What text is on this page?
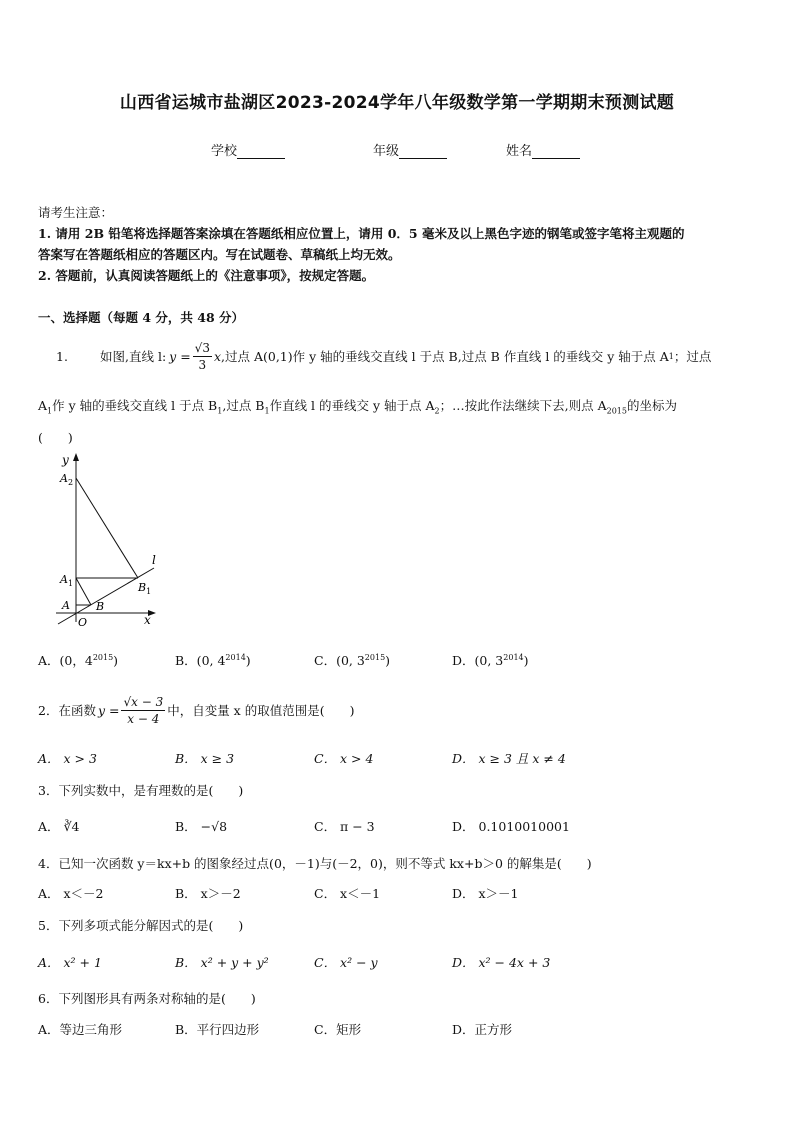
山西省运城市盐湖区2023-2024学年八年级数学第一学期期末预测试题
学校	年级	姓名
请考生注意：
1. 请用 2B 铅笔将选择题答案涂填在答题纸相应位置上，请用 0．5 毫米及以上黑色字迹的钢笔或签字笔将主观题的
答案写在答题纸相应的答题区内。写在试题卷、草稿纸上均无效。
2. 答题前，认真阅读答题纸上的《注意事项》，按规定答题。
一、选择题（每题 4 分，共 48 分）
1.	如图,直线 l: $y = \frac{√3}{3}$ x ,过点 A(0,1)作 y 轴的垂线交直线 l 于点 B,过点 B 作直线 l 的垂线交 y 轴于点 A 1 ；过点
$A_1$作 y 轴的垂线交直线 l 于点 $B_1$,过点 $B_1$作直线 l 的垂线交 y 轴于点 $A_2$；…按此作法继续下去,则点 $A_{2015}$的坐标为
(　　)
y
x
O
A B
$A_1$	$B_1$
$A_2$
l
A．(0，$4^{2015}$)	B．(0, $4^{2014}$)	C．(0, $3^{2015}$)	D．(0, $3^{2014}$)
2．在函数 $y = \frac{√x - 3}{x - 4}$ 中，自变量 x 的取值范围是(　　)
A． x > 3	B． x ≥ 3	C． x > 4	D． x ≥ 3 且 x ≠ 4
3．下列实数中，是有理数的是(　　)
A． ∛4	B． −√8	C． π − 3	D． 0.1010010001
4．已知一次函数 y＝kx+b 的图象经过点(0，－1)与(－2，0)，则不等式 kx+b＞0 的解集是(　　)
A． x＜－2	B． x＞－2	C． x＜－1	D． x＞－1
5．下列多项式能分解因式的是(　　)
A． x² + 1	B． x² + y + y²	C． x² − y	D． x² − 4x + 3
6．下列图形具有两条对称轴的是(　　)
A．等边三角形	B．平行四边形	C．矩形	D．正方形
